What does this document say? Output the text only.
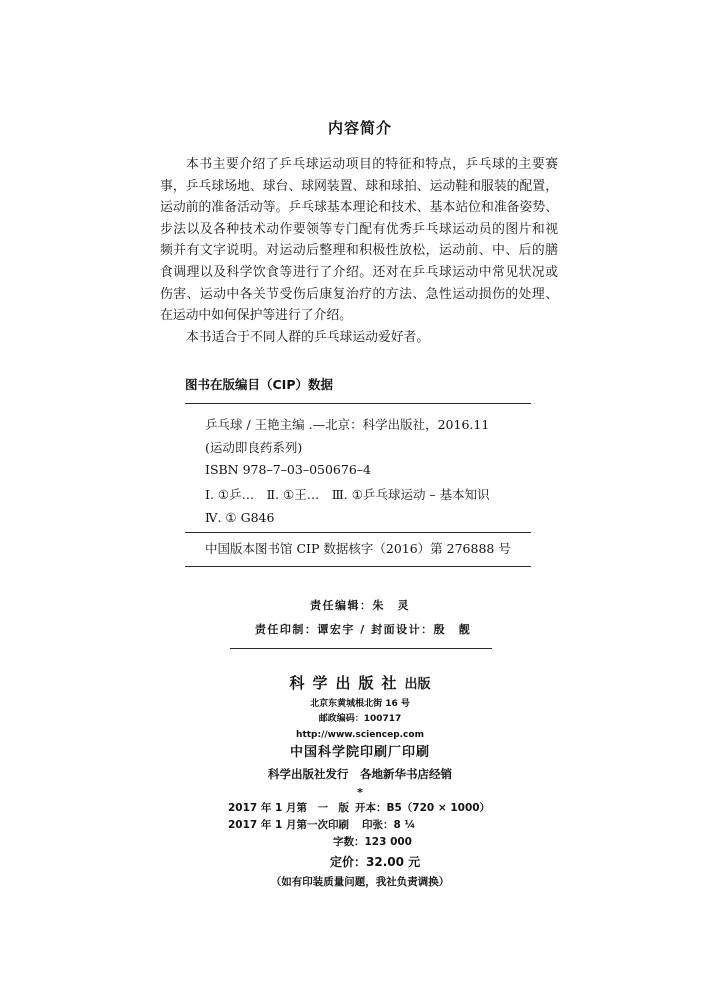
内容简介
本书主要介绍了乒乓球运动项目的特征和特点，乒乓球的主要赛
事，乒乓球场地、球台、球网装置、球和球拍、运动鞋和服装的配置，
运动前的准备活动等。乒乓球基本理论和技术、基本站位和准备姿势、
步法以及各种技术动作要领等专门配有优秀乒乓球运动员的图片和视
频并有文字说明。对运动后整理和积极性放松，运动前、中、后的膳
食调理以及科学饮食等进行了介绍。还对在乒乓球运动中常见状况或
伤害、运动中各关节受伤后康复治疗的方法、急性运动损伤的处理、
在运动中如何保护等进行了介绍。
本书适合于不同人群的乒乓球运动爱好者。
图书在版编目（CIP）数据
乒乓球 / 王艳主编 .—北京：科学出版社，2016.11
(运动即良药系列)
ISBN 978–7–03–050676–4
Ⅰ. ①乒…　Ⅱ. ①王…　Ⅲ. ①乒乓球运动 – 基本知识
Ⅳ. ① G846
中国版本图书馆 CIP 数据核字（2016）第 276888 号
责任编辑：朱　灵
责任印制：谭宏宇 / 封面设计：殷　靓
科学出版社出版
北京东黄城根北街 16 号
邮政编码：100717
http://www.sciencep.com
中国科学院印刷厂印刷
科学出版社发行　各地新华书店经销
*
2017 年 1 月第　一　版 开本：B5（720 × 1000）
2017 年 1 月第一次印刷 印张：8 ¼
字数：123 000
定价：32.00 元
（如有印装质量问题，我社负责调换）
